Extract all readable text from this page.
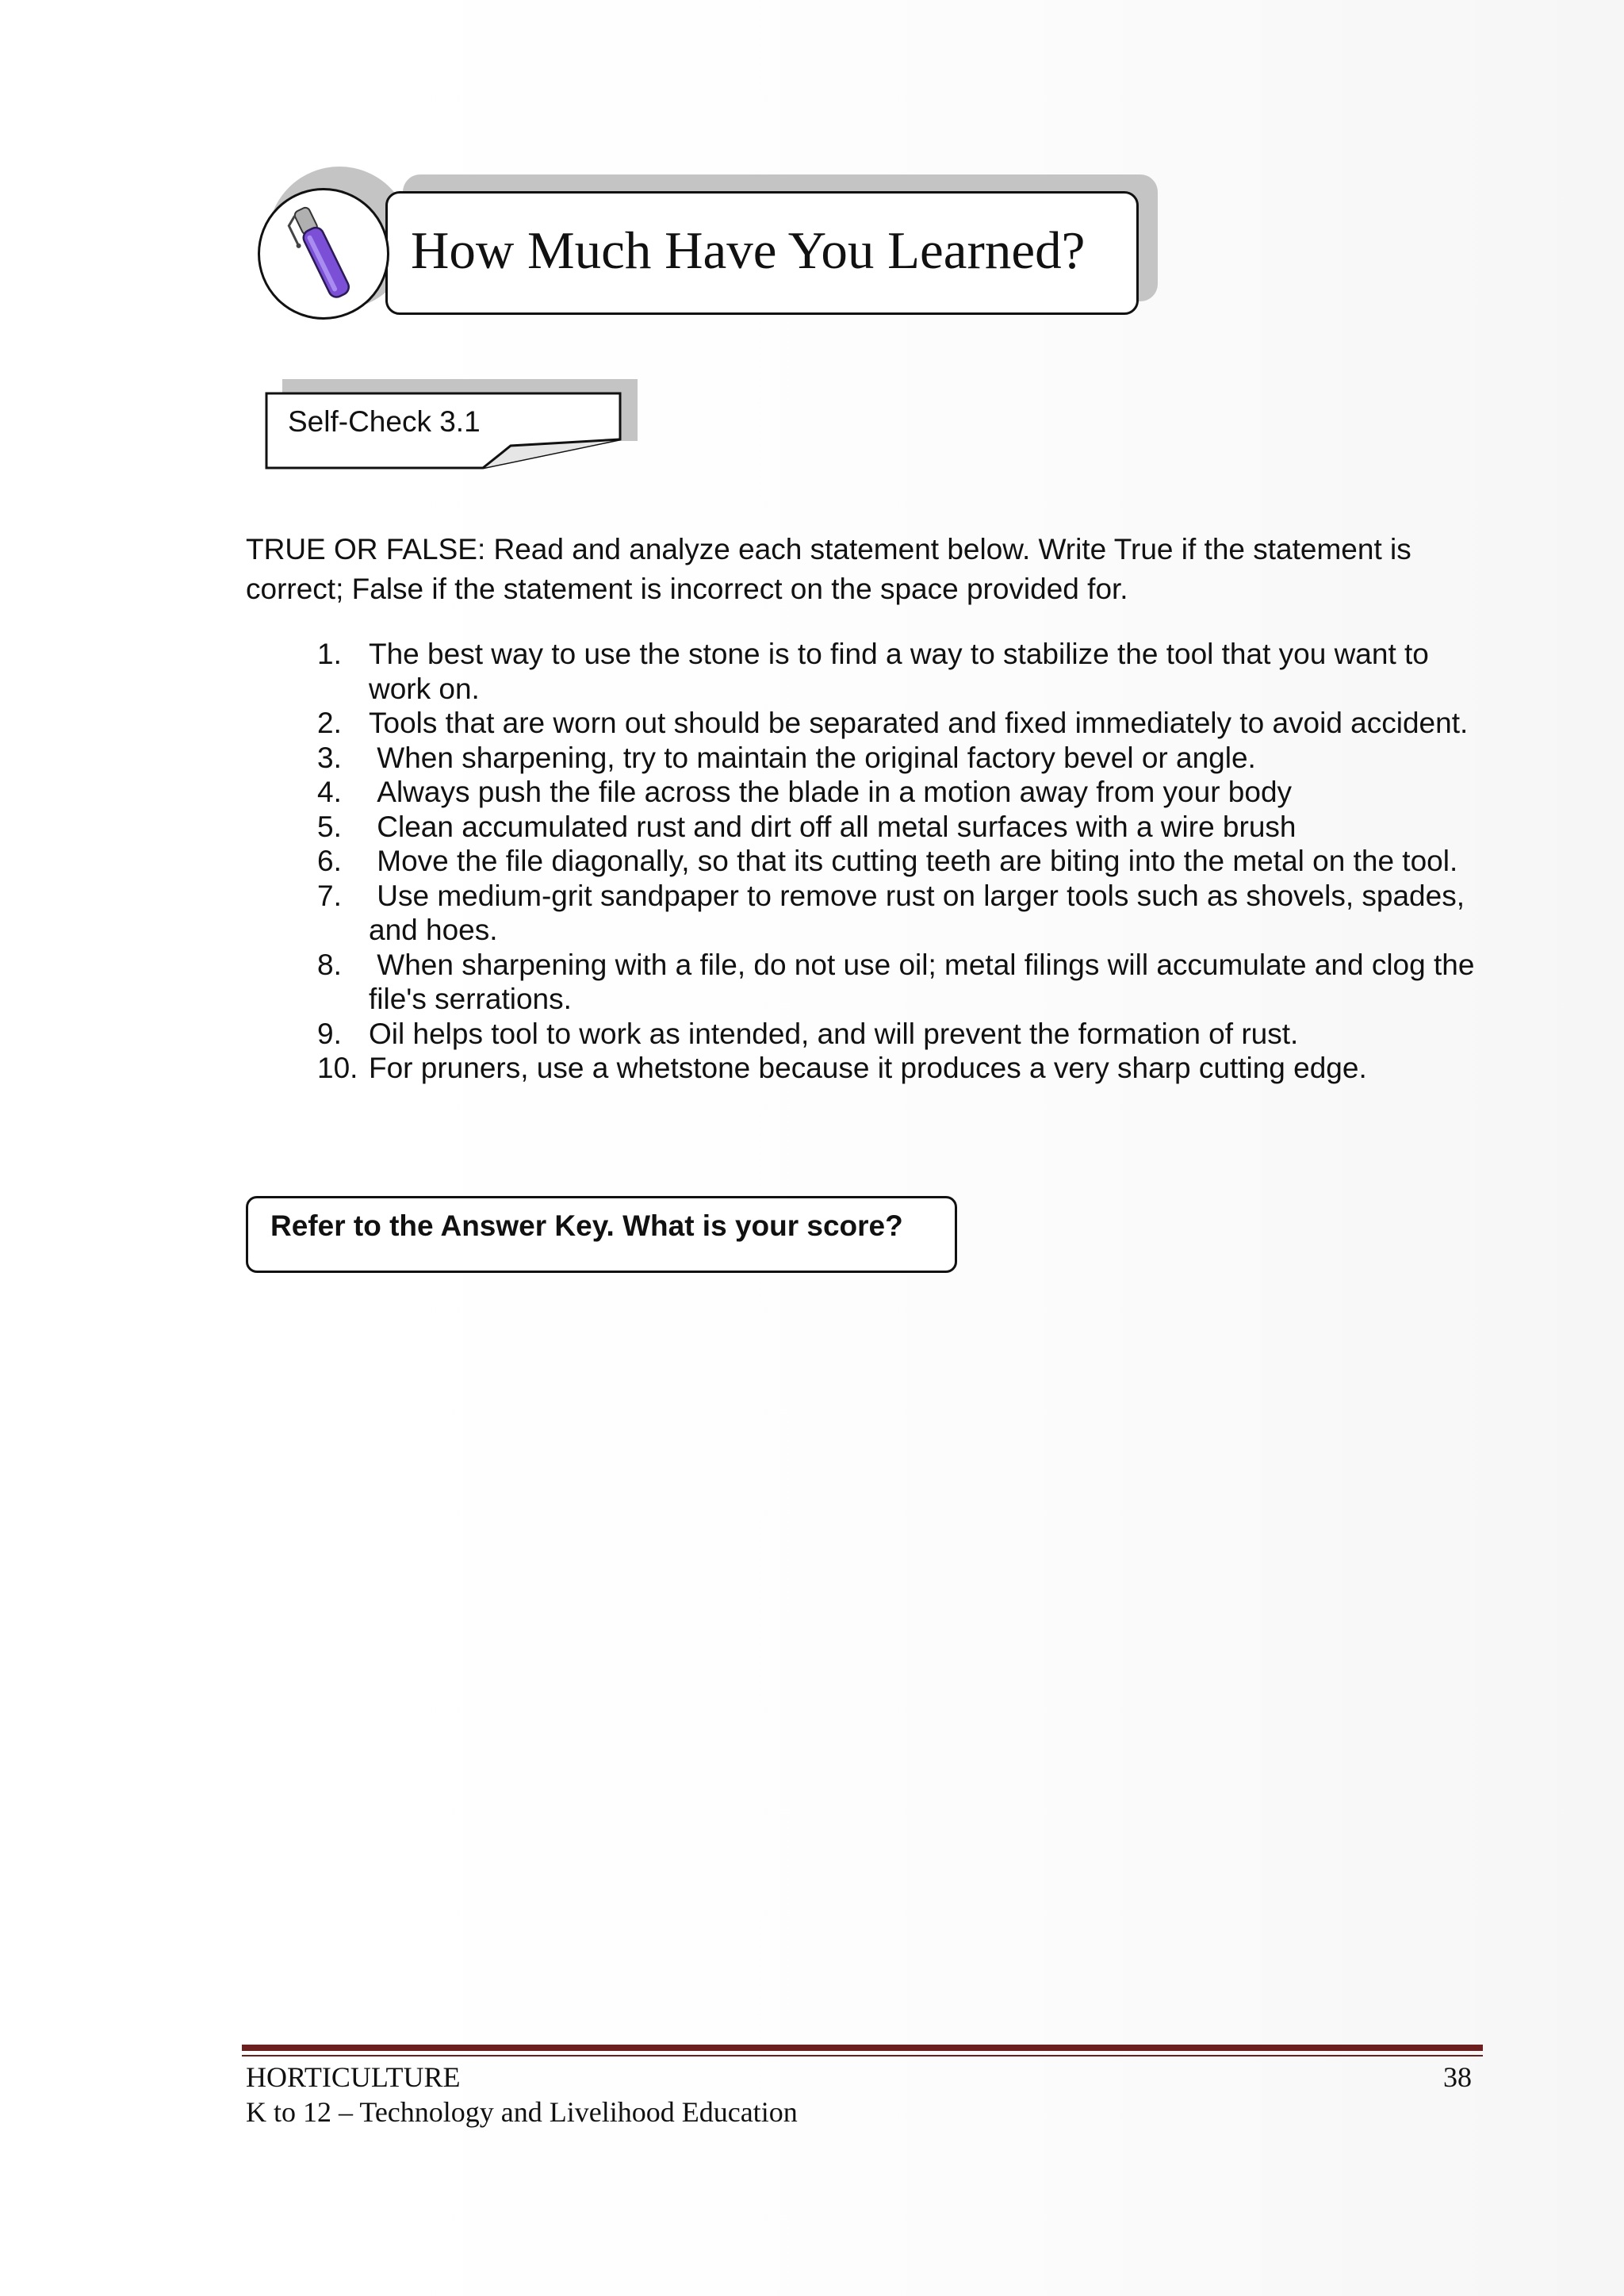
How Much Have You Learned?
Self-Check 3.1
TRUE OR FALSE: Read and analyze each statement below. Write True if the statement is correct; False if the statement is incorrect on the space provided for.
1. The best way to use the stone is to find a way to stabilize the tool that you want to work on.
2. Tools that are worn out should be separated and fixed immediately to avoid accident.
3. When sharpening, try to maintain the original factory bevel or angle.
4. Always push the file across the blade in a motion away from your body
5. Clean accumulated rust and dirt off all metal surfaces with a wire brush
6. Move the file diagonally, so that its cutting teeth are biting into the metal on the tool.
7. Use medium-grit sandpaper to remove rust on larger tools such as shovels, spades, and hoes.
8. When sharpening with a file, do not use oil; metal filings will accumulate and clog the file's serrations.
9. Oil helps tool to work as intended, and will prevent the formation of rust.
10. For pruners, use a whetstone because it produces a very sharp cutting edge.
Refer to the Answer Key. What is your score?
HORTICULTURE
K to 12 – Technology and Livelihood Education
38
